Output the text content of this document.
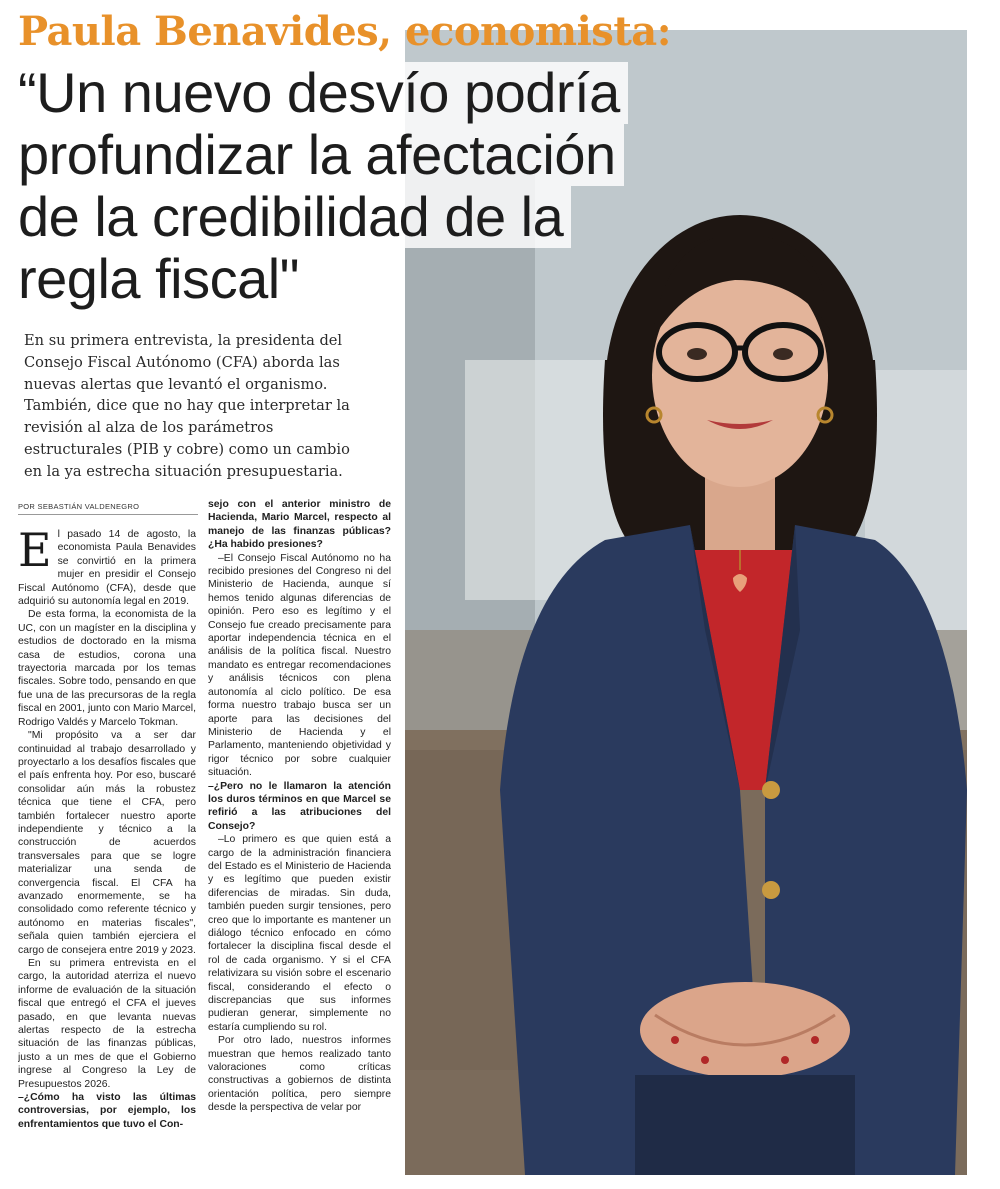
Paula Benavides, economista:
“Un nuevo desvío podría
profundizar la afectación
de la credibilidad de la
regla fiscal"
En su primera entrevista, la presidenta del Consejo Fiscal Autónomo (CFA) aborda las nuevas alertas que levantó el organismo. También, dice que no hay que interpretar la revisión al alza de los parámetros estructurales (PIB y cobre) como un cambio en la ya estrecha situación presupuestaria.
POR SEBASTIÁN VALDENEGRO

El pasado 14 de agosto, la economista Paula Benavides se convirtió en la primera mujer en presidir el Consejo Fiscal Autónomo (CFA), desde que adquirió su autonomía legal en 2019.

De esta forma, la economista de la UC, con un magíster en la disciplina y estudios de doctorado en la misma casa de estudios, corona una trayectoria marcada por los temas fiscales. Sobre todo, pensando en que fue una de las precursoras de la regla fiscal en 2001, junto con Mario Marcel, Rodrigo Valdés y Marcelo Tokman.

"Mi propósito va a ser dar continuidad al trabajo desarrollado y proyectarlo a los desafíos fiscales que el país enfrenta hoy. Por eso, buscaré consolidar aún más la robustez técnica que tiene el CFA, pero también fortalecer nuestro aporte independiente y técnico a la construcción de acuerdos transversales para que se logre materializar una senda de convergencia fiscal. El CFA ha avanzado enormemente, se ha consolidado como referente técnico y autónomo en materias fiscales", señala quien también ejerciera el cargo de consejera entre 2019 y 2023.

En su primera entrevista en el cargo, la autoridad aterriza el nuevo informe de evaluación de la situación fiscal que entregó el CFA el jueves pasado, en que levanta nuevas alertas respecto de la estrecha situación de las finanzas públicas, justo a un mes de que el Gobierno ingrese al Congreso la Ley de Presupuestos 2026.

–¿Cómo ha visto las últimas controversias, por ejemplo, los enfrentamientos que tuvo el Con-

sejo con el anterior ministro de Hacienda, Mario Marcel, respecto al manejo de las finanzas públicas? ¿Ha habido presiones?

–El Consejo Fiscal Autónomo no ha recibido presiones del Congreso ni del Ministerio de Hacienda, aunque sí hemos tenido algunas diferencias de opinión. Pero eso es legítimo y el Consejo fue creado precisamente para aportar independencia técnica en el análisis de la política fiscal. Nuestro mandato es entregar recomendaciones y análisis técnicos con plena autonomía al ciclo político. De esa forma nuestro trabajo busca ser un aporte para las decisiones del Ministerio de Hacienda y el Parlamento, manteniendo objetividad y rigor técnico por sobre cualquier situación.

–¿Pero no le llamaron la atención los duros términos en que Marcel se refirió a las atribuciones del Consejo?

–Lo primero es que quien está a cargo de la administración financiera del Estado es el Ministerio de Hacienda y es legítimo que pueden existir diferencias de miradas. Sin duda, también pueden surgir tensiones, pero creo que lo importante es mantener un diálogo técnico enfocado en cómo fortalecer la disciplina fiscal desde el rol de cada organismo. Y si el CFA relativizara su visión sobre el escenario fiscal, considerando el efecto o discrepancias que sus informes pudieran generar, simplemente no estaría cumpliendo su rol.

Por otro lado, nuestros informes muestran que hemos realizado tanto valoraciones como críticas constructivas a gobiernos de distinta orientación política, pero siempre desde la perspectiva de velar por
